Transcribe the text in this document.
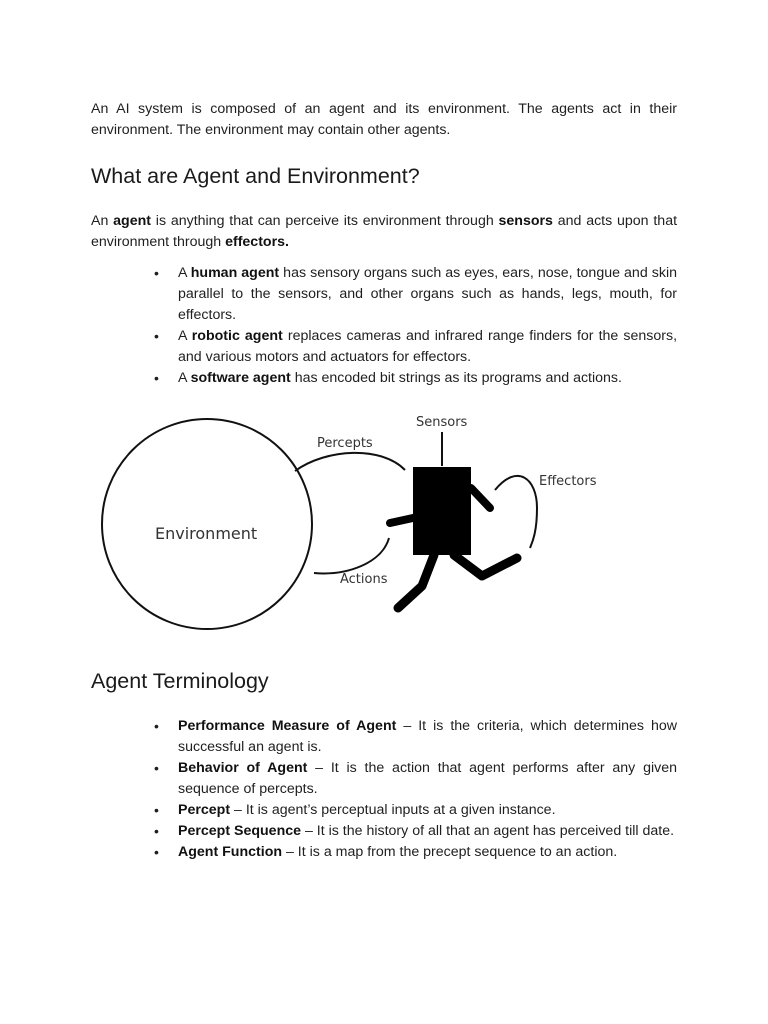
An AI system is composed of an agent and its environment. The agents act in their environment. The environment may contain other agents.

What are Agent and Environment?

An agent is anything that can perceive its environment through sensors and acts upon that environment through effectors.

• A human agent has sensory organs such as eyes, ears, nose, tongue and skin parallel to the sensors, and other organs such as hands, legs, mouth, for effectors.
• A robotic agent replaces cameras and infrared range finders for the sensors, and various motors and actuators for effectors.
• A software agent has encoded bit strings as its programs and actions.
Agent Terminology
• Performance Measure of Agent – It is the criteria, which determines how successful an agent is.
• Behavior of Agent – It is the action that agent performs after any given sequence of percepts.
• Percept – It is agent’s perceptual inputs at a given instance.
• Percept Sequence – It is the history of all that an agent has perceived till date.
• Agent Function – It is a map from the precept sequence to an action.
Environment
Percepts
Sensors
Effectors
Actions
